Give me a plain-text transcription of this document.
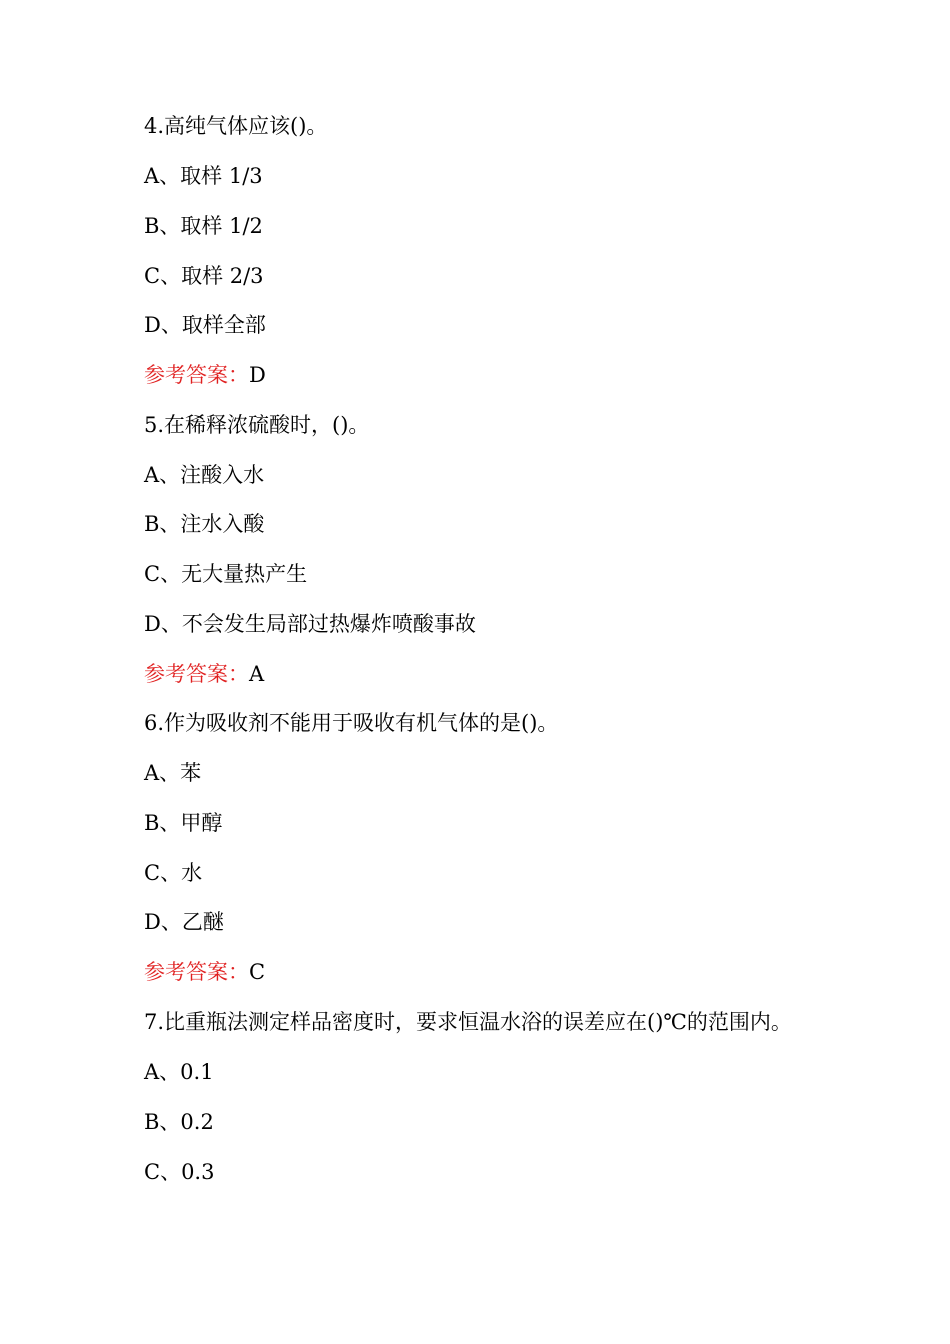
4.高纯气体应该()。
A、取样 1/3
B、取样 1/2
C、取样 2/3
D、取样全部
参考答案：D
5.在稀释浓硫酸时，()。
A、注酸入水
B、注水入酸
C、无大量热产生
D、不会发生局部过热爆炸喷酸事故
参考答案：A
6.作为吸收剂不能用于吸收有机气体的是()。
A、苯
B、甲醇
C、水
D、乙醚
参考答案：C
7.比重瓶法测定样品密度时，要求恒温水浴的误差应在()℃的范围内。
A、0.1
B、0.2
C、0.3
